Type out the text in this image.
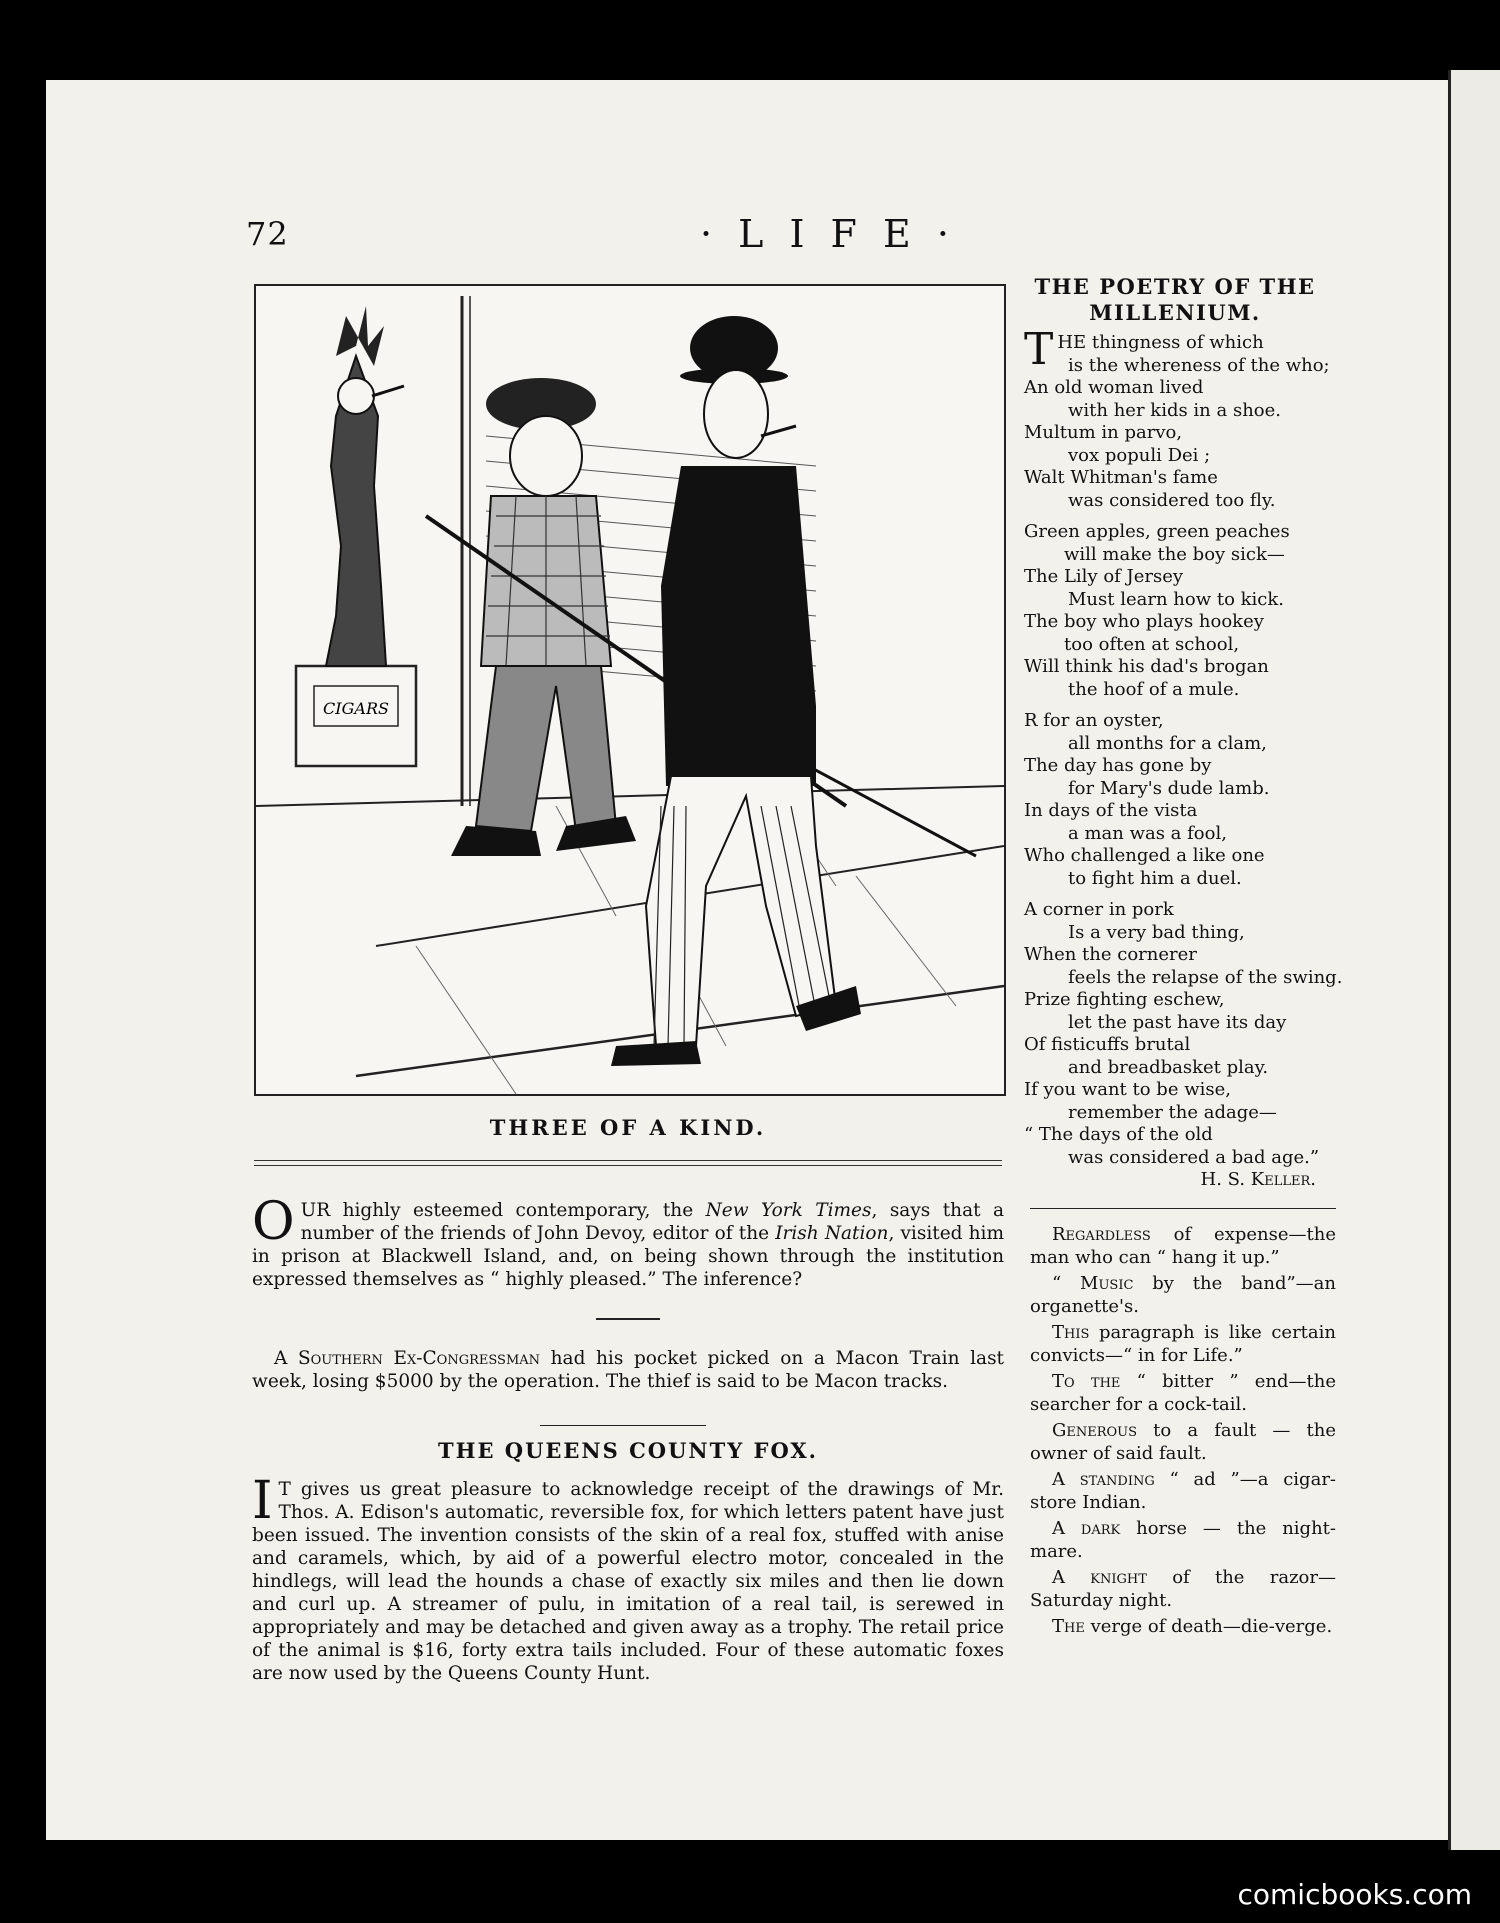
72	· L I F E ·
CIGARS
THREE OF A KIND.

OUR highly esteemed contemporary, the New York Times, says that a number of the friends of John Devoy, editor of the Irish Nation, visited him in prison at Blackwell Island, and, on being shown through the institution expressed themselves as “ highly pleased.” The inference?

A Southern Ex-Congressman had his pocket picked on a Macon Train last week, losing $5000 by the operation. The thief is said to be Macon tracks.

THE QUEENS COUNTY FOX.

I T gives us great pleasure to acknowledge receipt of the drawings of Mr. Thos. A. Edison's automatic, reversible fox, for which letters patent have just been issued. The invention consists of the skin of a real fox, stuffed with anise and caramels, which, by aid of a powerful electro motor, concealed in the hindlegs, will lead the hounds a chase of exactly six miles and then lie down and curl up. A streamer of pulu, in imitation of a real tail, is serewed in appropriately and may be detached and given away as a trophy. The retail price of the animal is $16, forty extra tails included. Four of these automatic foxes are now used by the Queens County Hunt.

THE POETRY OF THE MILLENIUM.
THE thingness of which
is the whereness of the who;
An old woman lived
with her kids in a shoe.
Multum in parvo,
vox populi Dei ;
Walt Whitman's fame
was considered too fly.
Green apples, green peaches
will make the boy sick—
The Lily of Jersey
Must learn how to kick.
The boy who plays hookey
too often at school,
Will think his dad's brogan
the hoof of a mule.
R for an oyster,
all months for a clam,
The day has gone by
for Mary's dude lamb.
In days of the vista
a man was a fool,
Who challenged a like one
to fight him a duel.
A corner in pork
Is a very bad thing,
When the cornerer
feels the relapse of the swing.
Prize fighting eschew,
let the past have its day
Of fisticuffs brutal
and breadbasket play.
If you want to be wise,
remember the adage—
“ The days of the old
was considered a bad age.”
H. S. Keller.

Regardless of expense—the man who can “ hang it up.”

“ Music by the band”—an organette's.

This paragraph is like certain convicts—“ in for Life.”

To the “ bitter ” end—the searcher for a cock-tail.

Generous to a fault — the owner of said fault.

A standing “ ad ”—a cigar-store Indian.

A dark horse — the night-mare.

A knight of the razor—Saturday night.

The verge of death—die-verge.

comicbooks.com
